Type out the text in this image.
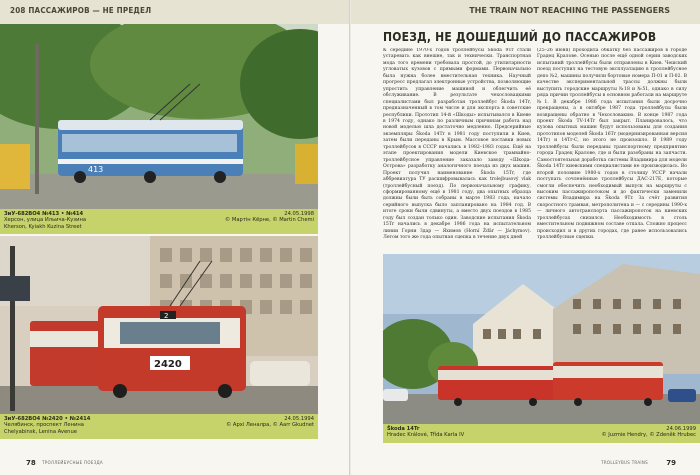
208 ПАССАЖИРОВ — НЕ ПРЕДЕЛ	THE TRAIN NOT REACHING THE PASSENGERS
413
ЗиУ-682ВО4 №413 • №414
Херсон, улица Ильича-Кузина
Kherson, Kyiakh Kuzina Street
24.05.1998
© Мартін Кёрне, © Martin Chemi
2420
2
ЗиУ-682ВО4 №2420 • №2414
Челябинск, проспект Ленина
Chelyabinsk, Lenina Avenue
24.05.1994
© Архі Леналра, © Aarr Gkudnet
78 ТРОЛЛЕЙБУСНЫЕ ПОЕЗДА
ПОЕЗД, НЕ ДОШЕДШИЙ ДО ПАССАЖИРОВ
К середине 1970-х годов троллейбусы Škoda 9Tr стали устаревать как внешне, так и технически. Транспортная мода того времени требовала простой, до утилитарности угловатых кузовов с прямыми формами. Первоначально была нужна более вместительная техника. Научный прогресс предлагал электронные устройства, позволяющие упростить управление машиной и облегчить её обслуживание. В результате чехословацкими специалистами был разработан троллейбус Škoda 14Tr, предназначенный в том числе и для экспорта в советские республики. Прототип 14-й «Шкоды» испытывался в Киеве в 1974 году, однако по различным причинам работа над новой моделью шла достаточно медленно. Предсерийные экземпляры Škoda 14Tr в 1981 году поступили в Киев, затем были переданы в Крым. Массовое поставки новых троллейбусов в СССР начались в 1982–1983 годах. Ещё на этапе проектирования модели Киевское трамвайно-троллейбусное управление заказало заводу «Шкода-Острова» разработку аналогичного поезда из двух машин. Проект получил наименование Škoda 15Tr, где аббревиатура ТУ расшифровывалась как trolejbusový vlak (троллейбусный поезд). По первоначальному графику, сформированному ещё в 1981 году, два опытных образца должны были быть собраны в марте 1983 года, начало серийного выпуска было запланировано на 1984 год. В итоге сроки были сдвинуты, а вместо двух поездов в 1985 году был создан только один. Заводские испытания Škoda 15Tr начались в декабре 1986 года на испытательном линии Горни Здар — Яхимов (Horní Žďár — Jáchymov). Летом того же года опытная сцепка в течение двух дней
(25–26 июня) проходила обкатку без пассажиров в городе Градец Кралове. Осенью после ещё одной серии заводских испытаний троллейбусы были отправлены в Киев. Чешский поезд поступил на тестовую эксплуатацию в троллейбусное депо №2, машины получили бортовые номера П-01 и П-02. В качестве экспериментальной трассы должны были выступить городские маршруты №18 и №51, однако в силу ряда причин троллейбусы в основном работали на маршруте №1. В декабре 1986 года испытания были досрочно прекращены, а в октябре 1987 года троллейбусы были возвращены обратно в Чехословакию. В конце 1987 года проект Škoda TV-14Tr был закрыт. Планировалось, что кузова опытных машин будут использованы для создания прототипов моделей Škoda 16Tr (модернизированная версия 14Tr) и 14Tr-C, но этого не произошло. В 1989 году троллейбусы были переданы транспортному предприятию города Градец Кралове, где и были разобраны на запчасти. Самостоятельная доработка системы Владимира для модели Škoda 14Tr киевскими специалистами не производилась. Во второй половине 1980-х годов в столицу УССР начали поступать сочленённые троллейбусы ДАС-217Е, которые смогли обеспечить необходимый выпуск на маршруты с высоким пассажиропотоком и до фактически заменили системы Владимира на Škoda 9Tr. За счёт развития скоростного трамвая, метрополитена и — с середины 1990-х — личного автотранспорта пассажиропоток на киевских троллейбусах снизился. Необходимость в столь вместительном подвижном составе отпала. Сложно процесс происходил и в других городах, где ранее использовались троллейбусные сцепки.
Škoda 14Tr
Hradec Králové, Třída Karla IV
24.06.1999
© Juzmie Hendry, © Zdeněk Hrubec
TROLLEYBUS TRAINS	79
